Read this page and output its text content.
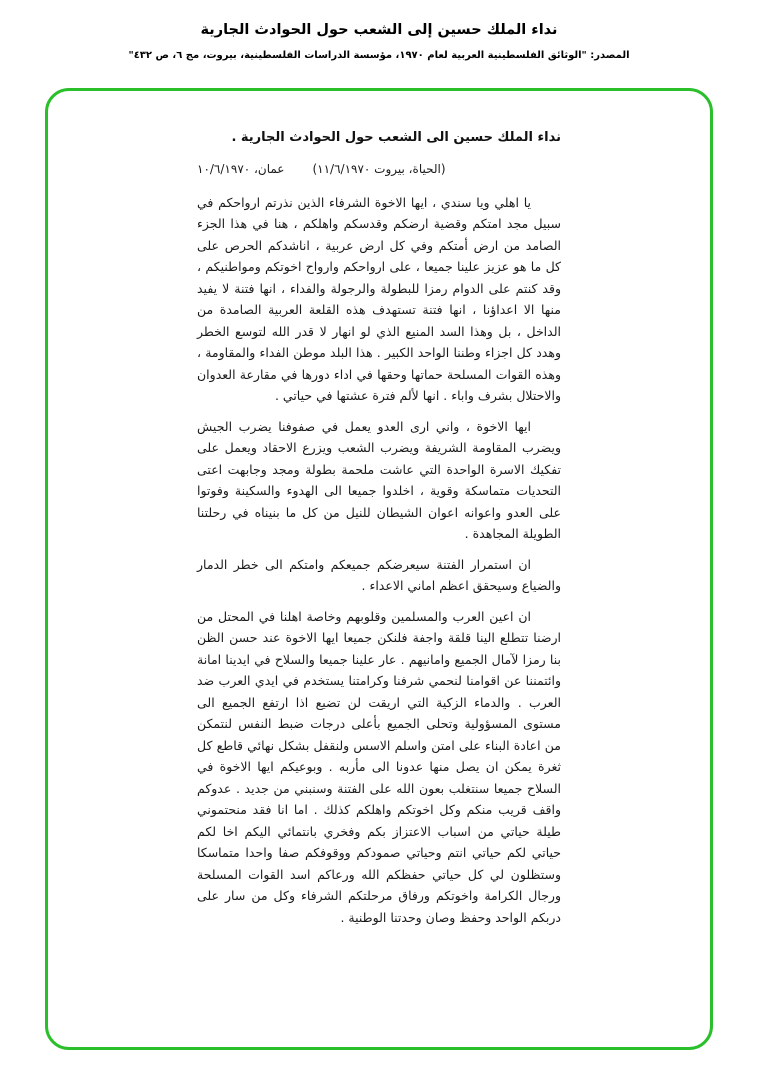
نداء الملك حسين إلى الشعب حول الحوادث الجارية
المصدر: "الوثائق الفلسطينية العربية لعام ١٩٧٠، مؤسسة الدراسات الفلسطينية، بيروت، مج ٦، ص ٤٣٢"
نداء الملك حسين الى الشعب حول الحوادث الجارية .
عمان، ١٠/٦/١٩٧٠ (الحياة، بيروت ١١/٦/١٩٧٠)

يا اهلي ويا سندي ، ايها الاخوة الشرفاء الذين نذرتم ارواحكم في سبيل مجد امتكم وقضية ارضكم وقدسكم واهلكم ، هنا في هذا الجزء الصامد من ارض أمتكم وفي كل ارض عربية ، اناشدكم الحرص على كل ما هو عزيز علينا جميعا ، على ارواحكم وارواح اخوتكم ومواطنيكم ، وقد كنتم على الدوام رمزا للبطولة والرجولة والفداء ، انها فتنة لا يفيد منها الا اعداؤنا ، انها فتنة تستهدف هذه القلعة العربية الصامدة من الداخل ، بل وهذا السد المنيع الذي لو انهار لا قدر الله لتوسع الخطر وهدد كل اجزاء وطننا الواحد الكبير . هذا البلد موطن الفداء والمقاومة ، وهذه القوات المسلحة حماتها وحقها في اداء دورها في مقارعة العدوان والاحتلال بشرف واباء . انها لألم فترة عشتها في حياتي .

ايها الاخوة ، واني ارى العدو يعمل في صفوفنا يضرب الجيش ويضرب المقاومة الشريفة ويضرب الشعب ويزرع الاحقاد ويعمل على تفكيك الاسرة الواحدة التي عاشت ملحمة بطولة ومجد وجابهت اعتى التحديات متماسكة وقوية ، اخلدوا جميعا الى الهدوء والسكينة وفوتوا على العدو واعوانه اعوان الشيطان للنيل من كل ما بنيناه في رحلتنا الطويلة المجاهدة .

ان استمرار الفتنة سيعرضكم جميعكم وامتكم الى خطر الدمار والضياع وسيحقق اعظم اماني الاعداء .

ان اعين العرب والمسلمين وقلوبهم وخاصة اهلنا في المحتل من ارضنا تتطلع الينا قلقة واجفة فلنكن جميعا ايها الاخوة عند حسن الظن بنا رمزا لآمال الجميع وامانيهم . عار علينا جميعا والسلاح في ايدينا امانة وائتمننا عن اقوامنا لنحمي شرفنا وكرامتنا يستخدم في ايدي العرب ضد العرب . والدماء الزكية التي اريقت لن تضيع اذا ارتفع الجميع الى مستوى المسؤولية وتحلى الجميع بأعلى درجات ضبط النفس لنتمكن من اعادة البناء على امتن واسلم الاسس ولنقفل بشكل نهائي قاطع كل ثغرة يمكن ان يصل منها عدونا الى مأربه . وبوعيكم ايها الاخوة في السلاح جميعا سنتغلب بعون الله على الفتنة وسنبني من جديد . عدوكم واقف قريب منكم وكل اخوتكم واهلكم كذلك . اما انا فقد منحتموني طيلة حياتي من اسباب الاعتزاز بكم وفخري بانتمائي اليكم اخا لكم حياتي لكم حياتي انتم وحياتي صمودكم ووقوفكم صفا واحدا متماسكا وستظلون لي كل حياتي حفظكم الله ورعاكم اسد القوات المسلحة ورجال الكرامة واخوتكم ورفاق مرحلتكم الشرفاء وكل من سار على دربكم الواحد وحفظ وصان وحدتنا الوطنية .
